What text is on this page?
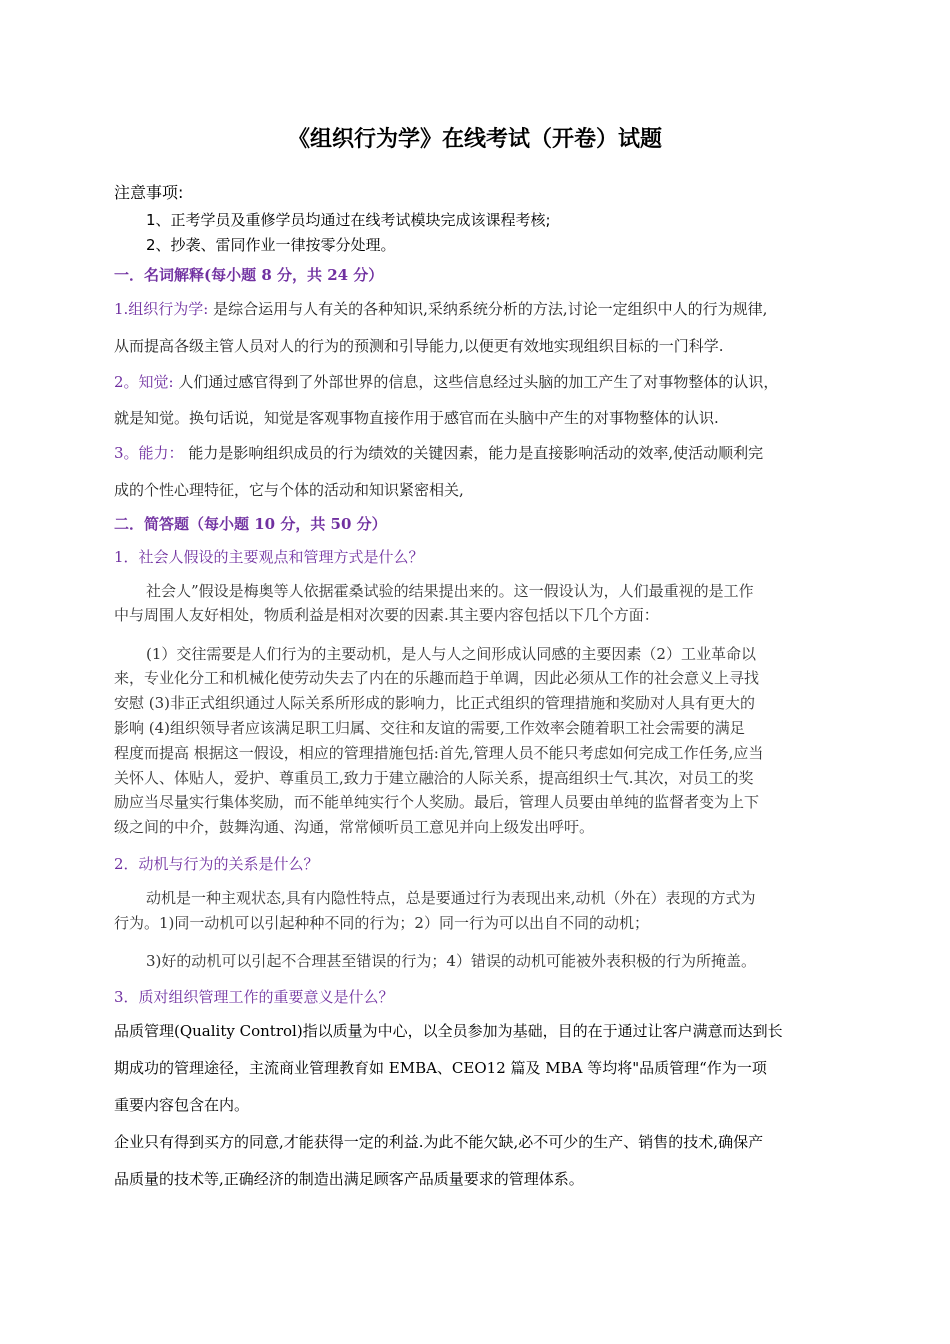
《组织行为学》在线考试（开卷）试题
注意事项:
1、正考学员及重修学员均通过在线考试模块完成该课程考核;
2、抄袭、雷同作业一律按零分处理。
一．名词解释(每小题 8 分，共 24 分）
1.组织行为学: 是综合运用与人有关的各种知识,采纳系统分析的方法,讨论一定组织中人的行为规律,
从而提高各级主管人员对人的行为的预测和引导能力,以便更有效地实现组织目标的一门科学.
2。知觉: 人们通过感官得到了外部世界的信息，这些信息经过头脑的加工产生了对事物整体的认识，
就是知觉。换句话说，知觉是客观事物直接作用于感官而在头脑中产生的对事物整体的认识.
3。能力： 能力是影响组织成员的行为绩效的关键因素，能力是直接影响活动的效率,使活动顺利完
成的个性心理特征，它与个体的活动和知识紧密相关,
二．简答题（每小题 10 分，共 50 分）
1．社会人假设的主要观点和管理方式是什么？
社会人”假设是梅奥等人依据霍桑试验的结果提出来的。这一假设认为，人们最重视的是工作
中与周围人友好相处，物质利益是相对次要的因素.其主要内容包括以下几个方面：
(1）交往需要是人们行为的主要动机，是人与人之间形成认同感的主要因素（2）工业革命以
来，专业化分工和机械化使劳动失去了内在的乐趣而趋于单调，因此必须从工作的社会意义上寻找
安慰 (3)非正式组织通过人际关系所形成的影响力，比正式组织的管理措施和奖励对人具有更大的
影响 (4)组织领导者应该满足职工归属、交往和友谊的需要,工作效率会随着职工社会需要的满足
程度而提高 根据这一假设，相应的管理措施包括:首先,管理人员不能只考虑如何完成工作任务,应当
关怀人、体贴人，爱护、尊重员工,致力于建立融洽的人际关系，提高组织士气.其次，对员工的奖
励应当尽量实行集体奖励，而不能单纯实行个人奖励。最后，管理人员要由单纯的监督者变为上下
级之间的中介，鼓舞沟通、沟通，常常倾听员工意见并向上级发出呼吁。
2．动机与行为的关系是什么？
动机是一种主观状态,具有内隐性特点，总是要通过行为表现出来,动机（外在）表现的方式为
行为。1)同一动机可以引起种种不同的行为；2）同一行为可以出自不同的动机；
3)好的动机可以引起不合理甚至错误的行为；4）错误的动机可能被外表积极的行为所掩盖。
3．质对组织管理工作的重要意义是什么？
品质管理(Quality Control)指以质量为中心，以全员参加为基础，目的在于通过让客户满意而达到长
期成功的管理途径，主流商业管理教育如 EMBA、CEO12 篇及 MBA 等均将"品质管理“作为一项
重要内容包含在内。
企业只有得到买方的同意,才能获得一定的利益.为此不能欠缺,必不可少的生产、销售的技术,确保产
品质量的技术等,正确经济的制造出满足顾客产品质量要求的管理体系。
